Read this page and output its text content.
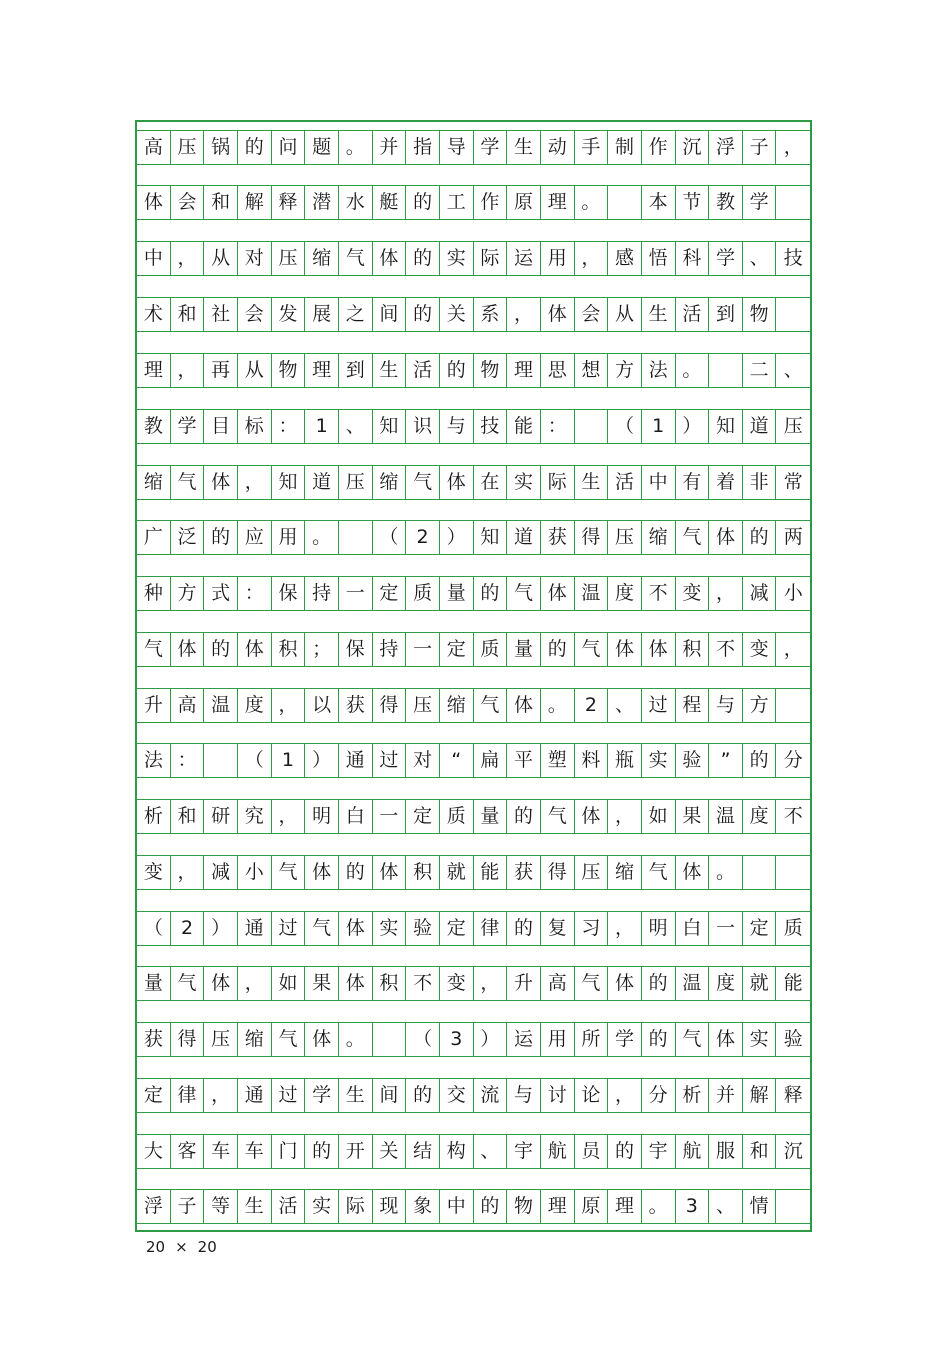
高 压 锅 的 问 题 。 并 指 导 学 生 动 手 制 作 沉 浮 子 ，
体 会 和 解 释 潜 水 艇 的 工 作 原 理 。	本 节 教 学
中 ， 从 对 压 缩 气 体 的 实 际 运 用 ， 感 悟 科 学 、 技
术 和 社 会 发 展 之 间 的 关 系 ， 体 会 从 生 活 到 物
理 ， 再 从 物 理 到 生 活 的 物 理 思 想 方 法 。	二 、
教 学 目 标 ： 1 、 知 识 与 技 能 ：	（ 1 ） 知 道 压
缩 气 体 ， 知 道 压 缩 气 体 在 实 际 生 活 中 有 着 非 常
广 泛 的 应 用 。	（ 2 ） 知 道 获 得 压 缩 气 体 的 两
种 方 式 ： 保 持 一 定 质 量 的 气 体 温 度 不 变 ， 减 小
气 体 的 体 积 ； 保 持 一 定 质 量 的 气 体 体 积 不 变 ，
升 高 温 度 ， 以 获 得 压 缩 气 体 。 2 、 过 程 与 方
法 ：	（ 1 ） 通 过 对	“	扁 平 塑 料 瓶 实 验	”	的 分
析 和 研 究 ， 明 白 一 定 质 量 的 气 体 ， 如 果 温 度 不
变 ， 减 小 气 体 的 体 积 就 能 获 得 压 缩 气 体 。
（ 2 ） 通 过 气 体 实 验 定 律 的 复 习 ， 明 白 一 定 质
量 气 体 ， 如 果 体 积 不 变 ， 升 高 气 体 的 温 度 就 能
获 得 压 缩 气 体 。	（ 3 ） 运 用 所 学 的 气 体 实 验
定 律 ， 通 过 学 生 间 的 交 流 与 讨 论 ， 分 析 并 解 释
大 客 车 车 门 的 开 关 结 构 、 宇 航 员 的 宇 航 服 和 沉
浮 子 等 生 活 实 际 现 象 中 的 物 理 原 理 。 3 、 情
20 × 20
